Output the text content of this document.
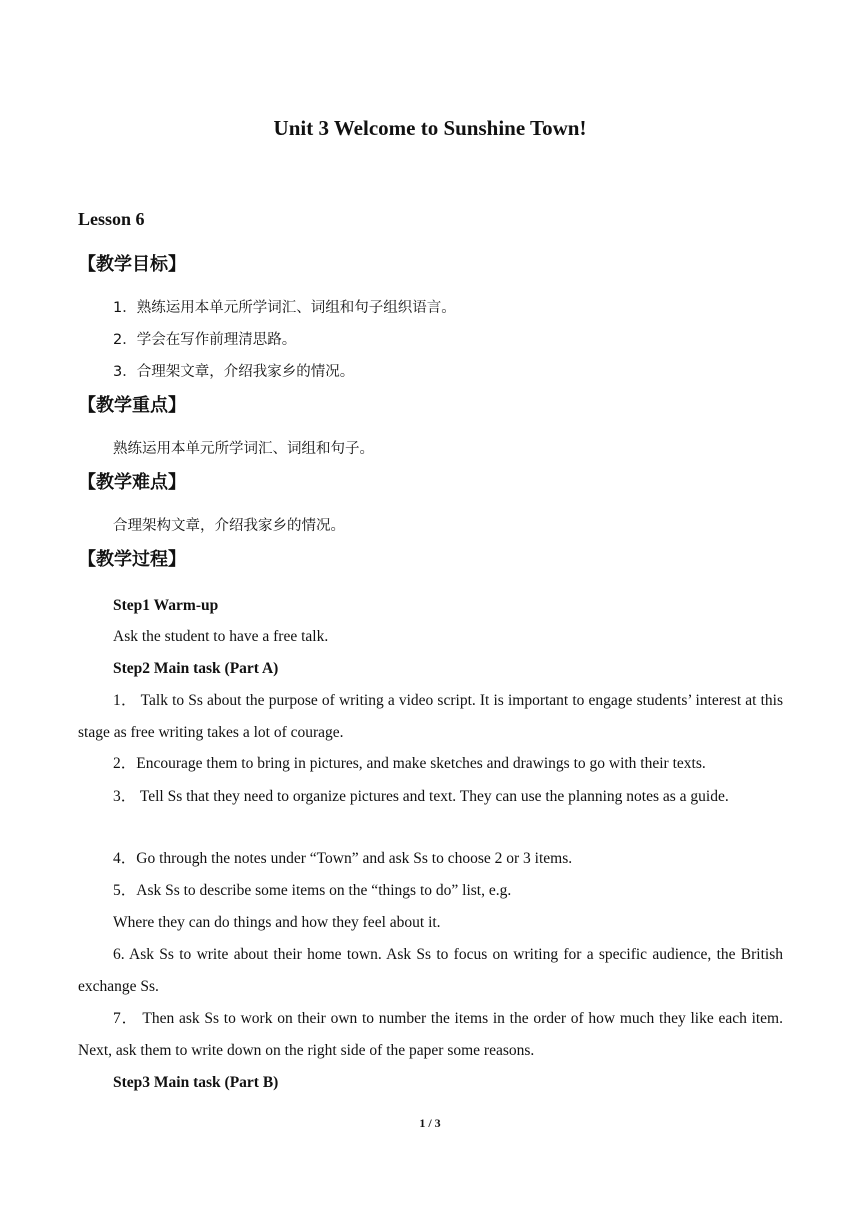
Unit 3 Welcome to Sunshine Town!
Lesson 6
【教学目标】
1．熟练运用本单元所学词汇、词组和句子组织语言。
2．学会在写作前理清思路。
3．合理架文章，介绍我家乡的情况。
【教学重点】
熟练运用本单元所学词汇、词组和句子。
【教学难点】
合理架构文章，介绍我家乡的情况。
【教学过程】
Step1 Warm-up
Ask the student to have a free talk.
Step2 Main task (Part A)
1． Talk to Ss about the purpose of writing a video script. It is important to engage students’ interest at this stage as free writing takes a lot of courage.
2．Encourage them to bring in pictures, and make sketches and drawings to go with their texts.
3． Tell Ss that they need to organize pictures and text. They can use the planning notes as a guide.
4．Go through the notes under “Town” and ask Ss to choose 2 or 3 items.
5．Ask Ss to describe some items on the “things to do” list, e.g.
Where they can do things and how they feel about it.
6. Ask Ss to write about their home town. Ask Ss to focus on writing for a specific audience, the British exchange Ss.
7． Then ask Ss to work on their own to number the items in the order of how much they like each item. Next, ask them to write down on the right side of the paper some reasons.
Step3 Main task (Part B)
1 / 3
